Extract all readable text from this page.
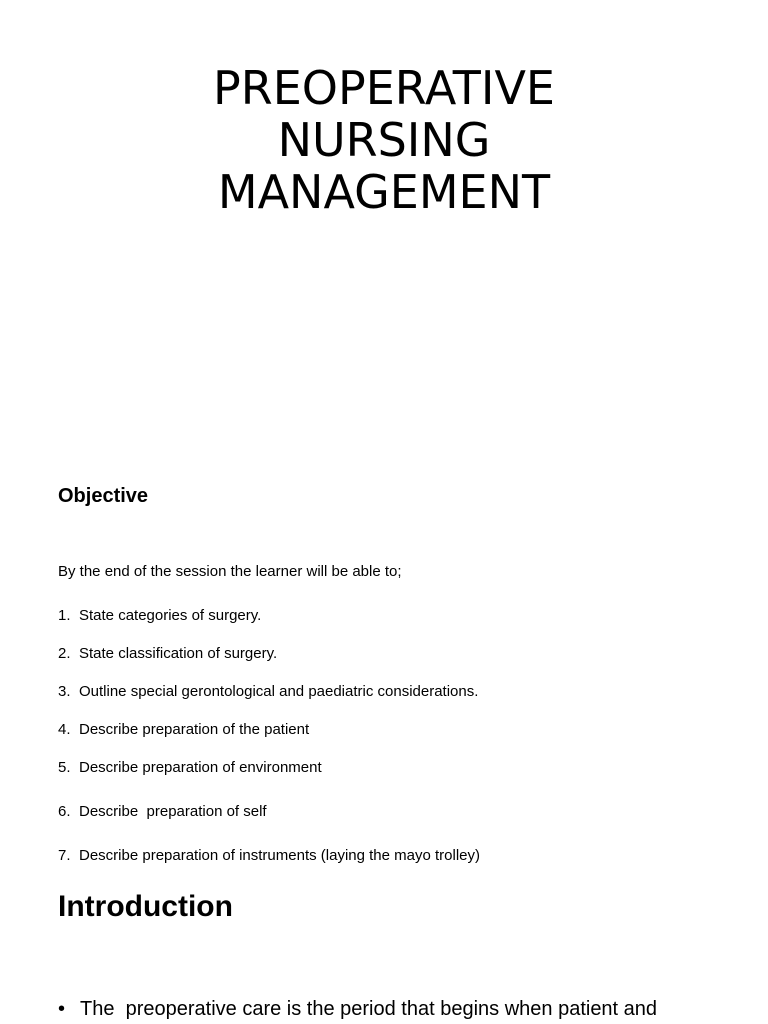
PREOPERATIVE
NURSING
MANAGEMENT
Objective
By the end of the session the learner will be able to;
1. State categories of surgery.
2. State classification of surgery.
3. Outline special gerontological and paediatric considerations.
4. Describe preparation of the patient
5. Describe preparation of environment
6. Describe  preparation of self
7. Describe preparation of instruments (laying the mayo trolley)
Introduction
• The  preoperative care is the period that begins when patient and
